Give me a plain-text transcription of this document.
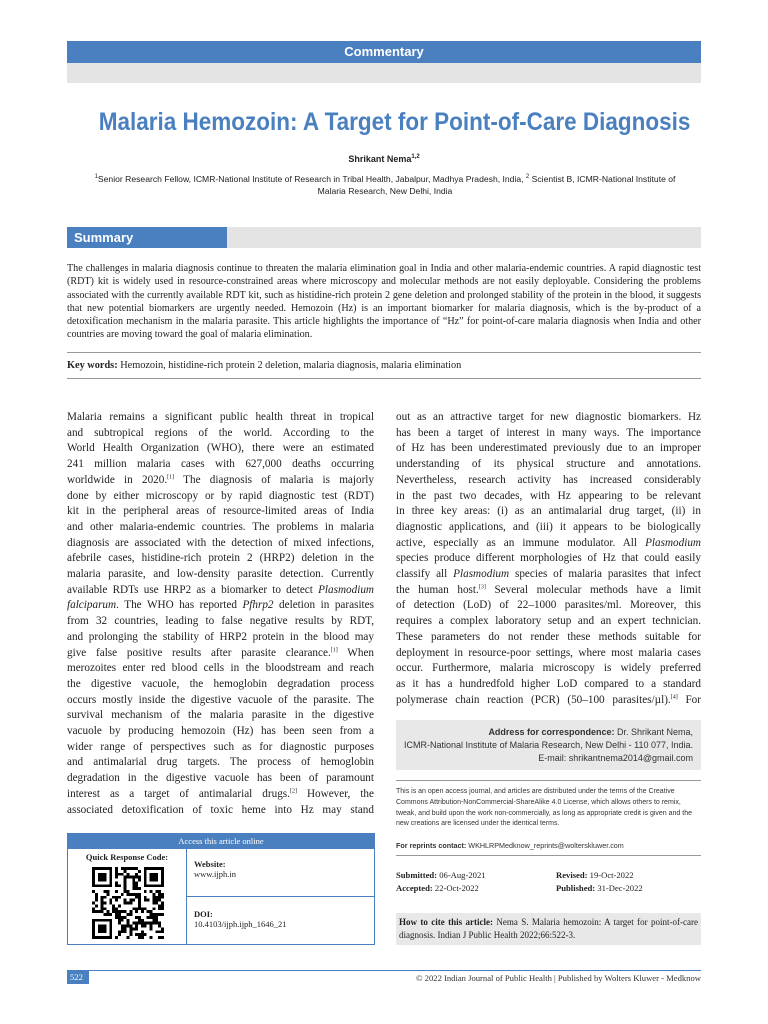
Commentary
Malaria Hemozoin: A Target for Point-of-Care Diagnosis
Shrikant Nema$^{1,2}$
$^1$Senior Research Fellow, ICMR-National Institute of Research in Tribal Health, Jabalpur, Madhya Pradesh, India, $^2$ Scientist B, ICMR-National Institute of Malaria Research, New Delhi, India
Summary
The challenges in malaria diagnosis continue to threaten the malaria elimination goal in India and other malaria-endemic countries. A rapid diagnostic test (RDT) kit is widely used in resource-constrained areas where microscopy and molecular methods are not easily deployable. Considering the problems associated with the currently available RDT kit, such as histidine-rich protein 2 gene deletion and prolonged stability of the protein in the blood, it suggests that new potential biomarkers are urgently needed. Hemozoin (Hz) is an important biomarker for malaria diagnosis, which is the by-product of a detoxification mechanism in the malaria parasite. This article highlights the importance of “Hz” for point-of-care malaria diagnosis when India and other countries are moving toward the goal of malaria elimination.
Key words: Hemozoin, histidine-rich protein 2 deletion, malaria diagnosis, malaria elimination
Malaria remains a significant public health threat in tropical
and subtropical regions of the world. According to the
World Health Organization (WHO), there were an estimated
241 million malaria cases with 627,000 deaths occurring
worldwide in 2020.[1] The diagnosis of malaria is majorly
done by either microscopy or by rapid diagnostic test (RDT)
kit in the peripheral areas of resource-limited areas of India
and other malaria-endemic countries. The problems in malaria
diagnosis are associated with the detection of mixed infections,
afebrile cases, histidine-rich protein 2 (HRP2) deletion in the
malaria parasite, and low-density parasite detection. Currently
available RDTs use HRP2 as a biomarker to detect Plasmodium
falciparum. The WHO has reported Pfhrp2 deletion in parasites
from 32 countries, leading to false negative results by RDT,
and prolonging the stability of HRP2 protein in the blood may
give false positive results after parasite clearance.[1] When
merozoites enter red blood cells in the bloodstream and reach
the digestive vacuole, the hemoglobin degradation process
occurs mostly inside the digestive vacuole of the parasite. The
survival mechanism of the malaria parasite in the digestive
vacuole by producing hemozoin (Hz) has been seen from a
wider range of perspectives such as for diagnostic purposes
and antimalarial drug targets. The process of hemoglobin
degradation in the digestive vacuole has been of paramount
interest as a target of antimalarial drugs.[2] However, the
associated detoxification of toxic heme into Hz may stand
out as an attractive target for new diagnostic biomarkers. Hz
has been a target of interest in many ways. The importance
of Hz has been underestimated previously due to an improper
understanding of its physical structure and annotations.
Nevertheless, research activity has increased considerably
in the past two decades, with Hz appearing to be relevant
in three key areas: (i) as an antimalarial drug target, (ii) in
diagnostic applications, and (iii) it appears to be biologically
active, especially as an immune modulator. All Plasmodium
species produce different morphologies of Hz that could easily
classify all Plasmodium species of malaria parasites that infect
the human host.[3] Several molecular methods have a limit
of detection (LoD) of 22–1000 parasites/ml. Moreover, this
requires a complex laboratory setup and an expert technician.
These parameters do not render these methods suitable for
deployment in resource-poor settings, where most malaria cases
occur. Furthermore, malaria microscopy is widely preferred
as it has a hundredfold higher LoD compared to a standard
polymerase chain reaction (PCR) (50–100 parasites/µl).[4] For
Access this article online
Quick Response Code:
Website:
www.ijph.in
DOI:
10.4103/ijph.ijph_1646_21
Address for correspondence: Dr. Shrikant Nema,
ICMR-National Institute of Malaria Research, New Delhi - 110 077, India.
E-mail: shrikantnema2014@gmail.com
This is an open access journal, and articles are distributed under the terms of the Creative Commons Attribution-NonCommercial-ShareAlike 4.0 License, which allows others to remix, tweak, and build upon the work non-commercially, as long as appropriate credit is given and the new creations are licensed under the identical terms.
For reprints contact: WKHLRPMedknow_reprints@wolterskluwer.com
Submitted: 06-Aug-2021	Revised: 19-Oct-2022
Accepted: 22-Oct-2022	Published: 31-Dec-2022
How to cite this article: Nema S. Malaria hemozoin: A target for point-of-care diagnosis. Indian J Public Health 2022;66:522-3.
522	© 2022 Indian Journal of Public Health | Published by Wolters Kluwer - Medknow
